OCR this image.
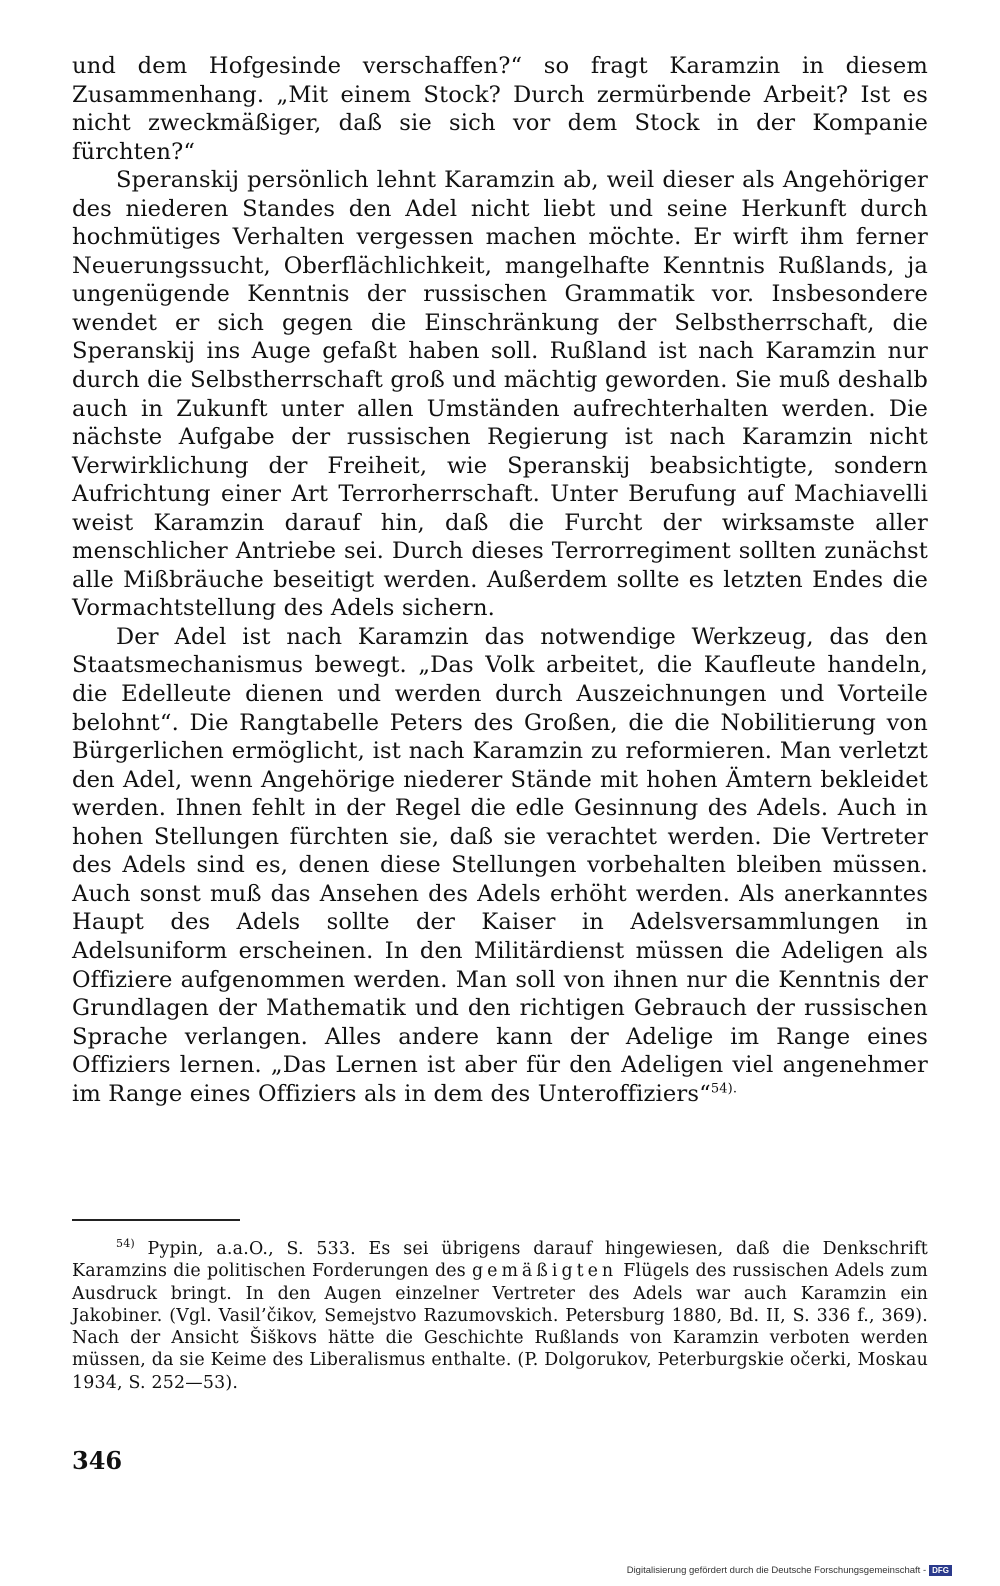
und dem Hofgesinde verschaffen?“ so fragt Karamzin in diesem Zusammenhang. „Mit einem Stock? Durch zermürbende Arbeit? Ist es nicht zweckmäßiger, daß sie sich vor dem Stock in der Kompanie fürchten?“

Speranskij persönlich lehnt Karamzin ab, weil dieser als Angehöriger des niederen Standes den Adel nicht liebt und seine Herkunft durch hochmütiges Verhalten vergessen machen möchte. Er wirft ihm ferner Neuerungssucht, Oberflächlichkeit, mangelhafte Kenntnis Rußlands, ja ungenügende Kenntnis der russischen Grammatik vor. Insbesondere wendet er sich gegen die Einschränkung der Selbstherrschaft, die Speranskij ins Auge gefaßt haben soll. Rußland ist nach Karamzin nur durch die Selbstherrschaft groß und mächtig geworden. Sie muß deshalb auch in Zukunft unter allen Umständen aufrechterhalten werden. Die nächste Aufgabe der russischen Regierung ist nach Karamzin nicht Verwirklichung der Freiheit, wie Speranskij beabsichtigte, sondern Aufrichtung einer Art Terrorherrschaft. Unter Berufung auf Machiavelli weist Karamzin darauf hin, daß die Furcht der wirksamste aller menschlicher Antriebe sei. Durch dieses Terrorregiment sollten zunächst alle Mißbräuche beseitigt werden. Außerdem sollte es letzten Endes die Vormachtstellung des Adels sichern.

Der Adel ist nach Karamzin das notwendige Werkzeug, das den Staatsmechanismus bewegt. „Das Volk arbeitet, die Kaufleute handeln, die Edelleute dienen und werden durch Auszeichnungen und Vorteile belohnt“. Die Rangtabelle Peters des Großen, die die Nobilitierung von Bürgerlichen ermöglicht, ist nach Karamzin zu reformieren. Man verletzt den Adel, wenn Angehörige niederer Stände mit hohen Ämtern bekleidet werden. Ihnen fehlt in der Regel die edle Gesinnung des Adels. Auch in hohen Stellungen fürchten sie, daß sie verachtet werden. Die Vertreter des Adels sind es, denen diese Stellungen vorbehalten bleiben müssen. Auch sonst muß das Ansehen des Adels erhöht werden. Als anerkanntes Haupt des Adels sollte der Kaiser in Adelsversammlungen in Adelsuniform erscheinen. In den Militärdienst müssen die Adeligen als Offiziere aufgenommen werden. Man soll von ihnen nur die Kenntnis der Grundlagen der Mathematik und den richtigen Gebrauch der russischen Sprache verlangen. Alles andere kann der Adelige im Range eines Offiziers lernen. „Das Lernen ist aber für den Adeligen viel angenehmer im Range eines Offiziers als in dem des Unteroffiziers“$^{54).}$

$^{54)}$ Pypin, a.a.O., S. 533. Es sei übrigens darauf hingewiesen, daß die Denkschrift Karamzins die politischen Forderungen des gemäßigten Flügels des russischen Adels zum Ausdruck bringt. In den Augen einzelner Vertreter des Adels war auch Karamzin ein Jakobiner. (Vgl. Vasil’čikov, Semejstvo Razumovskich. Petersburg 1880, Bd. II, S. 336 f., 369). Nach der Ansicht Šiškovs hätte die Geschichte Rußlands von Karamzin verboten werden müssen, da sie Keime des Liberalismus enthalte. (P. Dolgorukov, Peterburgskie očerki, Moskau 1934, S. 252—53).

346
Digitalisierung gefördert durch die Deutsche Forschungsgemeinschaft - DFG
